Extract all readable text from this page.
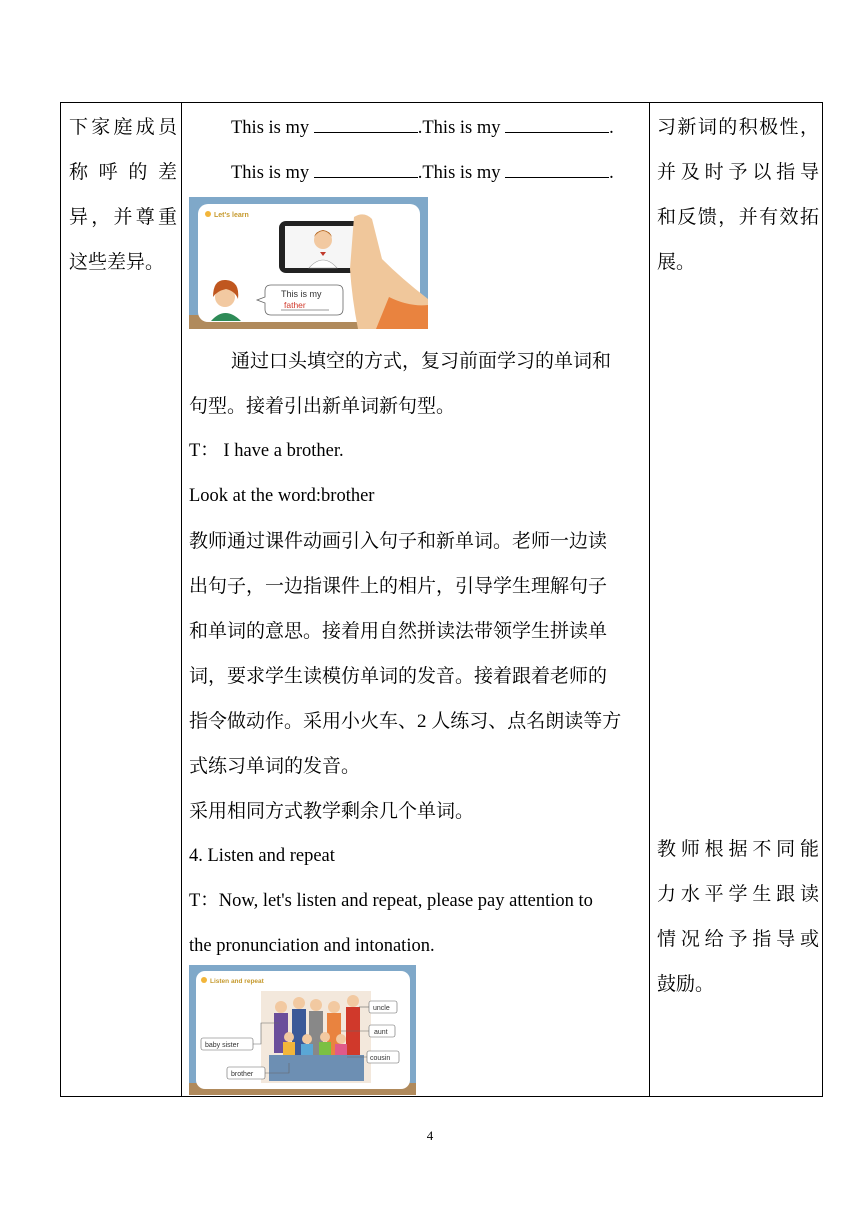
下家庭成员
称 呼 的 差
异，并尊重
这些差异。
This is my	.This is my	.
This is my	.This is my	.
通过口头填空的方式，复习前面学习的单词和
句型。接着引出新单词新句型。
T： I have a brother.
Look at the word:brother
教师通过课件动画引入句子和新单词。老师一边读
出句子，一边指课件上的相片，引导学生理解句子
和单词的意思。接着用自然拼读法带领学生拼读单
词，要求学生读模仿单词的发音。接着跟着老师的
指令做动作。采用小火车、2 人练习、点名朗读等方
式练习单词的发音。
采用相同方式教学剩余几个单词。
4. Listen and repeat
T：Now, let's listen and repeat, please pay attention to
the pronunciation and intonation.
习新词的积极性，
并及时予以指导
和反馈，并有效拓
展。
教师根据不同能
力水平学生跟读
情况给予指导或
鼓励。
Let's learn
This is my
father
Listen and repeat
uncle
aunt
cousin
baby sister
brother
4
